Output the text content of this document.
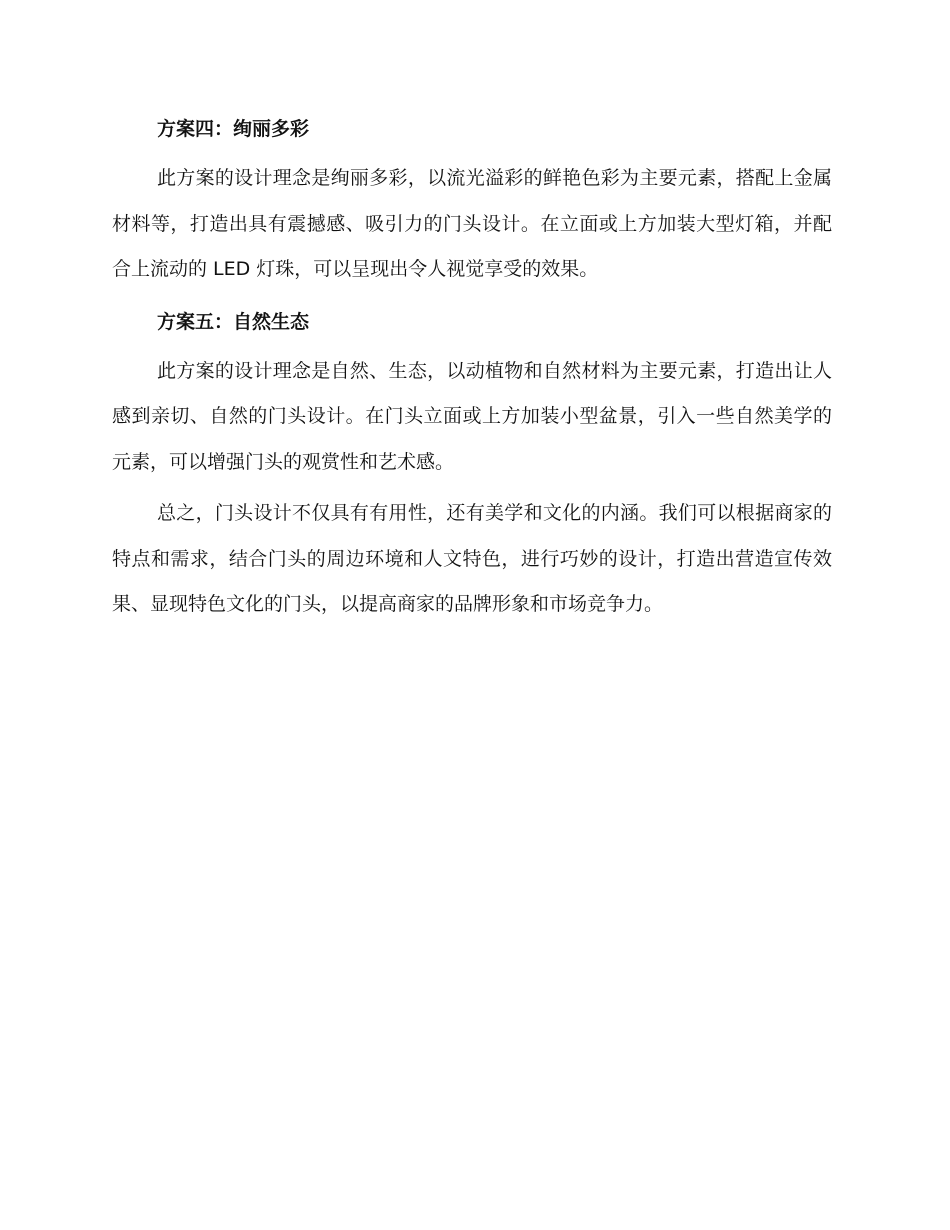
方案四：绚丽多彩

此方案的设计理念是绚丽多彩，以流光溢彩的鲜艳色彩为主要元素，搭配上金属材料等，打造出具有震撼感、吸引力的门头设计。在立面或上方加装大型灯箱，并配合上流动的 LED 灯珠，可以呈现出令人视觉享受的效果。

方案五：自然生态

此方案的设计理念是自然、生态，以动植物和自然材料为主要元素，打造出让人感到亲切、自然的门头设计。在门头立面或上方加装小型盆景，引入一些自然美学的元素，可以增强门头的观赏性和艺术感。

总之，门头设计不仅具有有用性，还有美学和文化的内涵。我们可以根据商家的特点和需求，结合门头的周边环境和人文特色，进行巧妙的设计，打造出营造宣传效果、显现特色文化的门头，以提高商家的品牌形象和市场竞争力。
